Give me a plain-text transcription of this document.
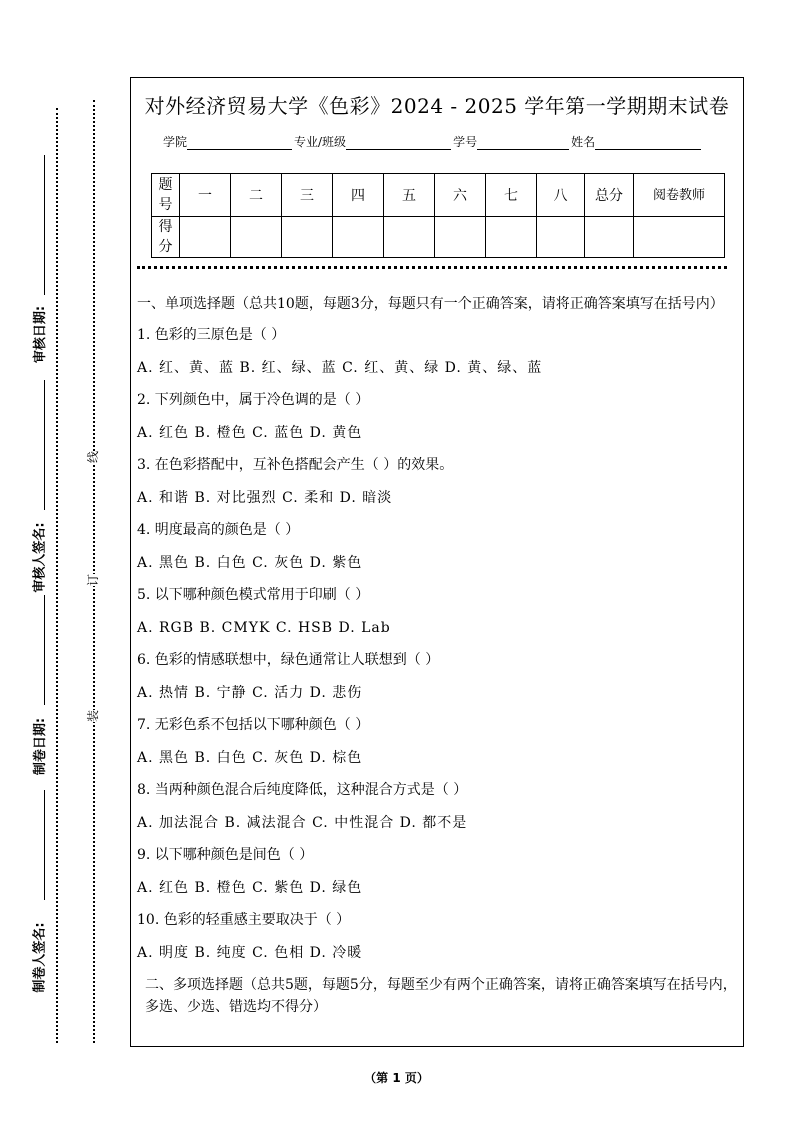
审核日期:
审核人签名:
制卷日期:
制卷人签名:
线
订
装
对外经济贸易大学《色彩》2024 - 2025 学年第一学期期末试卷
学院	专业/班级	学号	姓名
题号	一	二	三	四	五	六	七	八	总分	阅卷教师
得分										

一、单项选择题（总共10题，每题3分，每题只有一个正确答案，请将正确答案填写在括号内）

1. 色彩的三原色是（ ）

A. 红、黄、蓝 B. 红、绿、蓝 C. 红、黄、绿 D. 黄、绿、蓝

2. 下列颜色中，属于冷色调的是（ ）

A. 红色 B. 橙色 C. 蓝色 D. 黄色

3. 在色彩搭配中，互补色搭配会产生（ ）的效果。

A. 和谐 B. 对比强烈 C. 柔和 D. 暗淡

4. 明度最高的颜色是（ ）

A. 黑色 B. 白色 C. 灰色 D. 紫色

5. 以下哪种颜色模式常用于印刷（ ）

A. RGB B. CMYK C. HSB D. Lab

6. 色彩的情感联想中，绿色通常让人联想到（ ）

A. 热情 B. 宁静 C. 活力 D. 悲伤

7. 无彩色系不包括以下哪种颜色（ ）

A. 黑色 B. 白色 C. 灰色 D. 棕色

8. 当两种颜色混合后纯度降低，这种混合方式是（ ）

A. 加法混合 B. 减法混合 C. 中性混合 D. 都不是

9. 以下哪种颜色是间色（ ）

A. 红色 B. 橙色 C. 紫色 D. 绿色

10. 色彩的轻重感主要取决于（ ）

A. 明度 B. 纯度 C. 色相 D. 冷暖

二、多项选择题（总共5题，每题5分，每题至少有两个正确答案，请将正确答案填写在括号内，多选、少选、错选均不得分）

（第 1 页）
